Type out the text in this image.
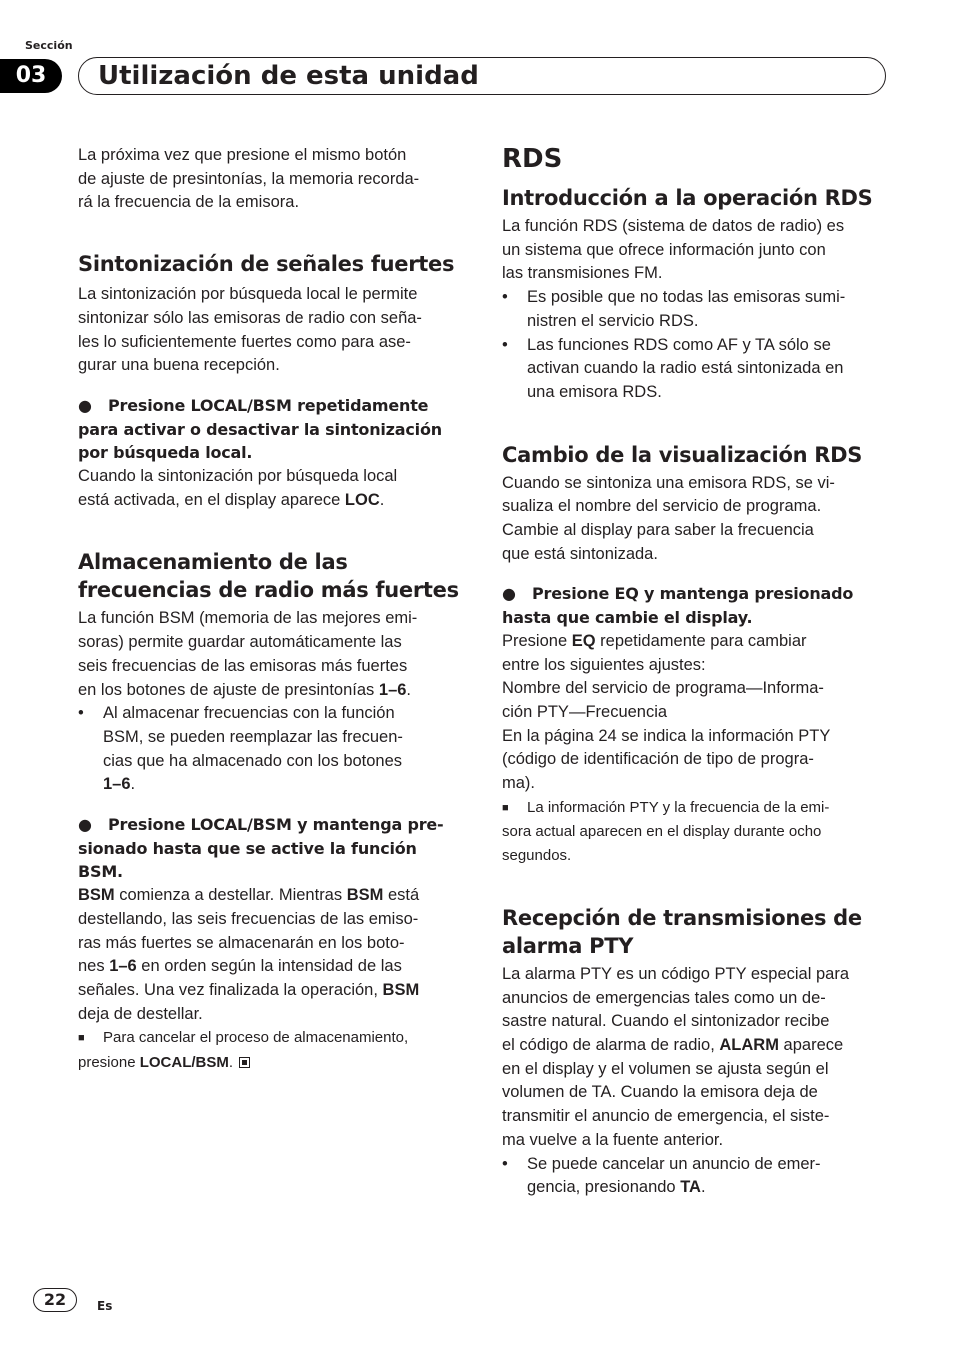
Sección
03	Utilización de esta unidad

La próxima vez que presione el mismo botón
de ajuste de presintonías, la memoria recorda-
rá la frecuencia de la emisora.

Sintonización de señales fuertes

La sintonización por búsqueda local le permite
sintonizar sólo las emisoras de radio con seña-
les lo suficientemente fuertes como para ase-
gurar una buena recepción.

● Presione LOCAL/BSM repetidamente
para activar o desactivar la sintonización
por búsqueda local.

Cuando la sintonización por búsqueda local
está activada, en el display aparece LOC.

Almacenamiento de las
frecuencias de radio más fuertes

La función BSM (memoria de las mejores emi-
soras) permite guardar automáticamente las
seis frecuencias de las emisoras más fuertes
en los botones de ajuste de presintonías 1–6.

•	Al almacenar frecuencias con la función
BSM, se pueden reemplazar las frecuen-
cias que ha almacenado con los botones
1–6.

● Presione LOCAL/BSM y mantenga pre-
sionado hasta que se active la función
BSM.

BSM comienza a destellar. Mientras BSM está
destellando, las seis frecuencias de las emiso-
ras más fuertes se almacenarán en los boto-
nes 1–6 en orden según la intensidad de las
señales. Una vez finalizada la operación, BSM
deja de destellar.

■ Para cancelar el proceso de almacenamiento,
presione LOCAL/BSM.

RDS
Introducción a la operación RDS

La función RDS (sistema de datos de radio) es
un sistema que ofrece información junto con
las transmisiones FM.

•	Es posible que no todas las emisoras sumi-
nistren el servicio RDS.

•	Las funciones RDS como AF y TA sólo se
activan cuando la radio está sintonizada en
una emisora RDS.

Cambio de la visualización RDS

Cuando se sintoniza una emisora RDS, se vi-
sualiza el nombre del servicio de programa.
Cambie al display para saber la frecuencia
que está sintonizada.

● Presione EQ y mantenga presionado
hasta que cambie el display.

Presione EQ repetidamente para cambiar
entre los siguientes ajustes:
Nombre del servicio de programa—Informa-
ción PTY—Frecuencia
En la página 24 se indica la información PTY
(código de identificación de tipo de progra-
ma).

■ La información PTY y la frecuencia de la emi-
sora actual aparecen en el display durante ocho
segundos.

Recepción de transmisiones de
alarma PTY

La alarma PTY es un código PTY especial para
anuncios de emergencias tales como un de-
sastre natural. Cuando el sintonizador recibe
el código de alarma de radio, ALARM aparece
en el display y el volumen se ajusta según el
volumen de TA. Cuando la emisora deja de
transmitir el anuncio de emergencia, el siste-
ma vuelve a la fuente anterior.

•	Se puede cancelar un anuncio de emer-
gencia, presionando TA.

22	Es
